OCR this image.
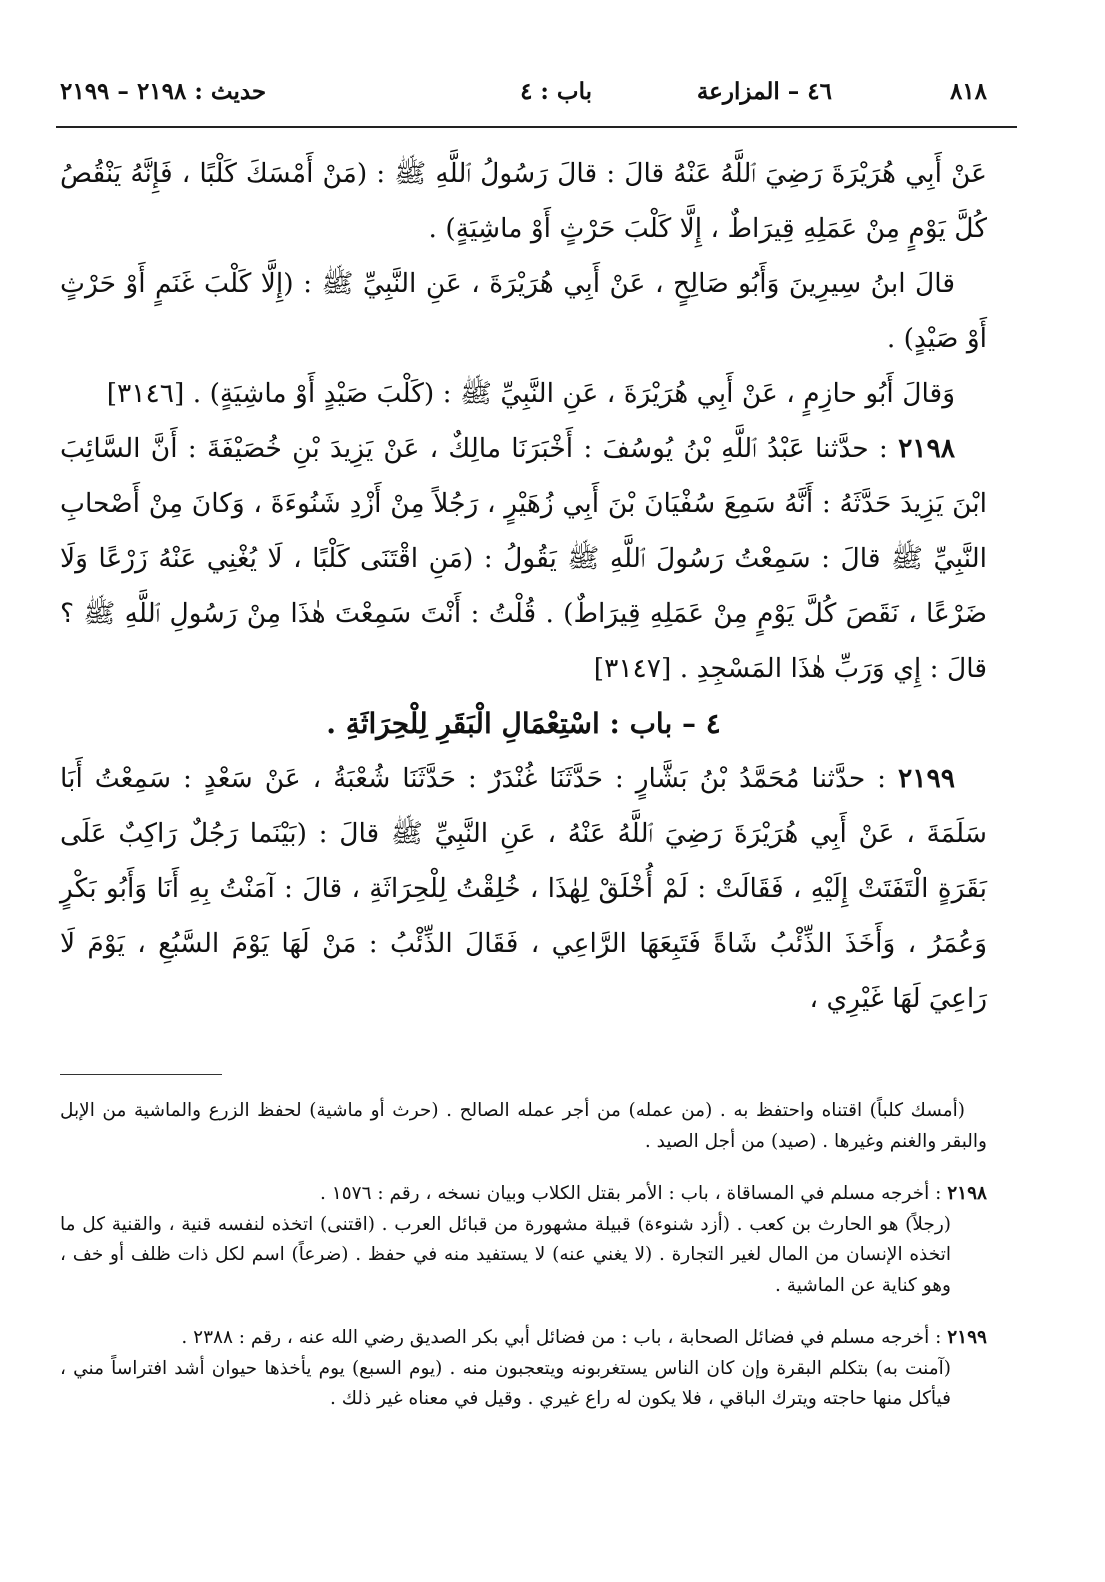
٨١٨
٤٦ – المزارعة
باب : ٤
حديث : ٢١٩٨ – ٢١٩٩

عَنْ أَبِي هُرَيْرَةَ رَضِيَ ٱللَّهُ عَنْهُ قالَ : قالَ رَسُولُ ٱللَّهِ ﷺ : (مَنْ أَمْسَكَ كَلْبًا ، فَإِنَّهُ يَنْقُصُ كُلَّ يَوْمٍ مِنْ عَمَلِهِ قِيرَاطٌ ، إِلَّا كَلْبَ حَرْثٍ أَوْ ماشِيَةٍ) .

قالَ ابنُ سِيرِينَ وَأَبُو صَالِحٍ ، عَنْ أَبِي هُرَيْرَةَ ، عَنِ النَّبِيِّ ﷺ : (إِلَّا كَلْبَ غَنَمٍ أَوْ حَرْثٍ أَوْ صَيْدٍ) .

وَقالَ أَبُو حازِمٍ ، عَنْ أَبِي هُرَيْرَةَ ، عَنِ النَّبِيِّ ﷺ : (كَلْبَ صَيْدٍ أَوْ ماشِيَةٍ) . [٣١٤٦]

٢١٩٨ : حدَّثنا عَبْدُ ٱللَّهِ بْنُ يُوسُفَ : أَخْبَرَنَا مالِكٌ ، عَنْ يَزِيدَ بْنِ خُصَيْفَةَ : أَنَّ السَّائِبَ ابْنَ يَزِيدَ حَدَّثَهُ : أَنَّهُ سَمِعَ سُفْيَانَ بْنَ أَبِي زُهَيْرٍ ، رَجُلاً مِنْ أَزْدِ شَنُوءَةَ ، وَكانَ مِنْ أَصْحابِ النَّبِيِّ ﷺ قالَ : سَمِعْتُ رَسُولَ ٱللَّهِ ﷺ يَقُولُ : (مَنِ اقْتَنَى كَلْبًا ، لَا يُغْنِي عَنْهُ زَرْعًا وَلَا ضَرْعًا ، نَقَصَ كُلَّ يَوْمٍ مِنْ عَمَلِهِ قِيرَاطٌ) . قُلْتُ : أَنْتَ سَمِعْتَ هٰذَا مِنْ رَسُولِ ٱللَّهِ ﷺ ؟ قالَ : إِي وَرَبِّ هٰذَا المَسْجِدِ . [٣١٤٧]

٤ – باب : اسْتِعْمَالِ الْبَقَرِ لِلْحِرَاثَةِ .

٢١٩٩ : حدَّثنا مُحَمَّدُ بْنُ بَشَّارٍ : حَدَّثَنَا غُنْدَرٌ : حَدَّثَنَا شُعْبَةُ ، عَنْ سَعْدٍ : سَمِعْتُ أَبَا سَلَمَةَ ، عَنْ أَبِي هُرَيْرَةَ رَضِيَ ٱللَّهُ عَنْهُ ، عَنِ النَّبِيِّ ﷺ قالَ : (بَيْنَما رَجُلٌ رَاكِبٌ عَلَى بَقَرَةٍ الْتَفَتَتْ إِلَيْهِ ، فَقَالَتْ : لَمْ أُخْلَقْ لِهٰذَا ، خُلِقْتُ لِلْحِرَاثَةِ ، قالَ : آمَنْتُ بِهِ أَنَا وَأَبُو بَكْرٍ وَعُمَرُ ، وَأَخَذَ الذِّئْبُ شَاةً فَتَبِعَهَا الرَّاعِي ، فَقَالَ الذِّئْبُ : مَنْ لَهَا يَوْمَ السَّبُعِ ، يَوْمَ لَا رَاعِيَ لَهَا غَيْرِي ،

(أمسك كلباً) اقتناه واحتفظ به . (من عمله) من أجر عمله الصالح . (حرث أو ماشية) لحفظ الزرع والماشية من الإبل والبقر والغنم وغيرها . (صيد) من أجل الصيد .

٢١٩٨ : أخرجه مسلم في المساقاة ، باب : الأمر بقتل الكلاب وبيان نسخه ، رقم : ١٥٧٦ .

(رجلاً) هو الحارث بن كعب . (أزد شنوءة) قبيلة مشهورة من قبائل العرب . (اقتنى) اتخذه لنفسه قنية ، والقنية كل ما اتخذه الإنسان من المال لغير التجارة . (لا يغني عنه) لا يستفيد منه في حفظ . (ضرعاً) اسم لكل ذات ظلف أو خف ، وهو كناية عن الماشية .

٢١٩٩ : أخرجه مسلم في فضائل الصحابة ، باب : من فضائل أبي بكر الصديق رضي الله عنه ، رقم : ٢٣٨٨ .

(آمنت به) بتكلم البقرة وإن كان الناس يستغربونه ويتعجبون منه . (يوم السبع) يوم يأخذها حيوان أشد افتراساً مني ، فيأكل منها حاجته ويترك الباقي ، فلا يكون له راع غيري . وقيل في معناه غير ذلك .
